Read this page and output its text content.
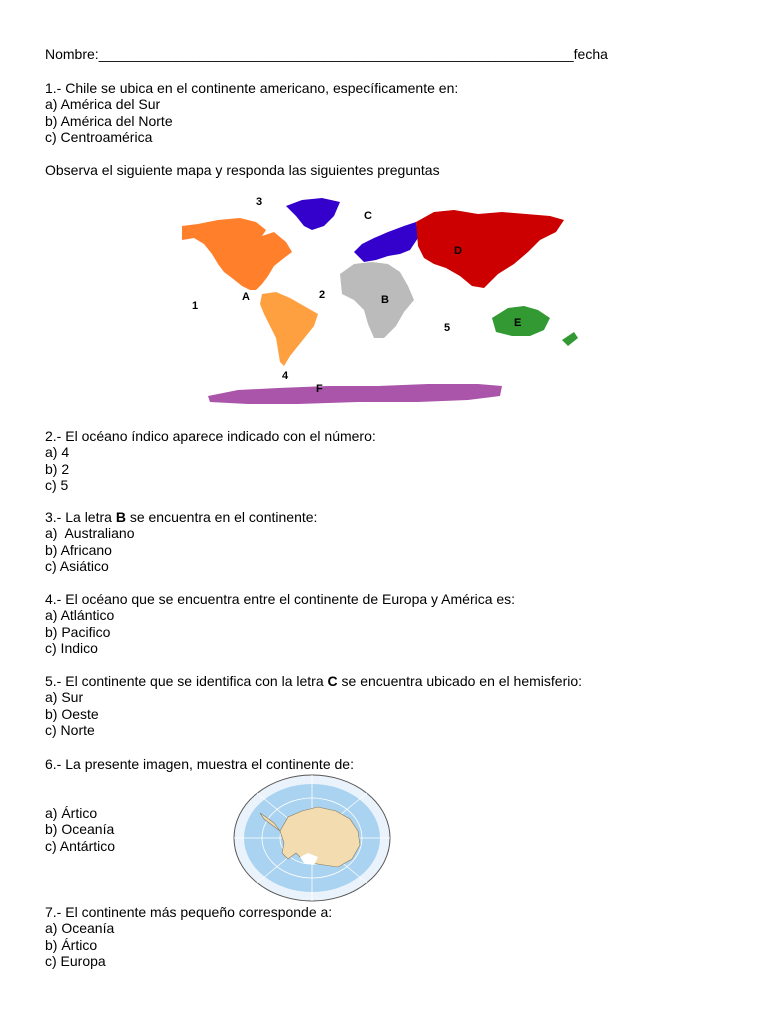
Nombre:_____________________________________________________________fecha

1.- Chile se ubica en el continente americano, específicamente en:

a) América del Sur

b) América del Norte

c) Centroamérica

Observa el siguiente mapa y responda las siguientes preguntas
3
C
D
A	2	B
1
5	E
4
F

2.- El océano índico aparece indicado con el número:

a) 4

b) 2

c) 5

3.- La letra B se encuentra en el continente:

a)  Australiano

b) Africano

c) Asiático

4.- El océano que se encuentra entre el continente de Europa y América es:

a) Atlántico

b) Pacifico

c) Indico

5.- El continente que se identifica con la letra C se encuentra ubicado en el hemisferio:

a) Sur

b) Oeste

c) Norte

6.- La presente imagen, muestra el continente de:

a) Ártico

b) Oceanía

c) Antártico

7.- El continente más pequeño corresponde a:

a) Oceanía

b) Ártico

c) Europa
